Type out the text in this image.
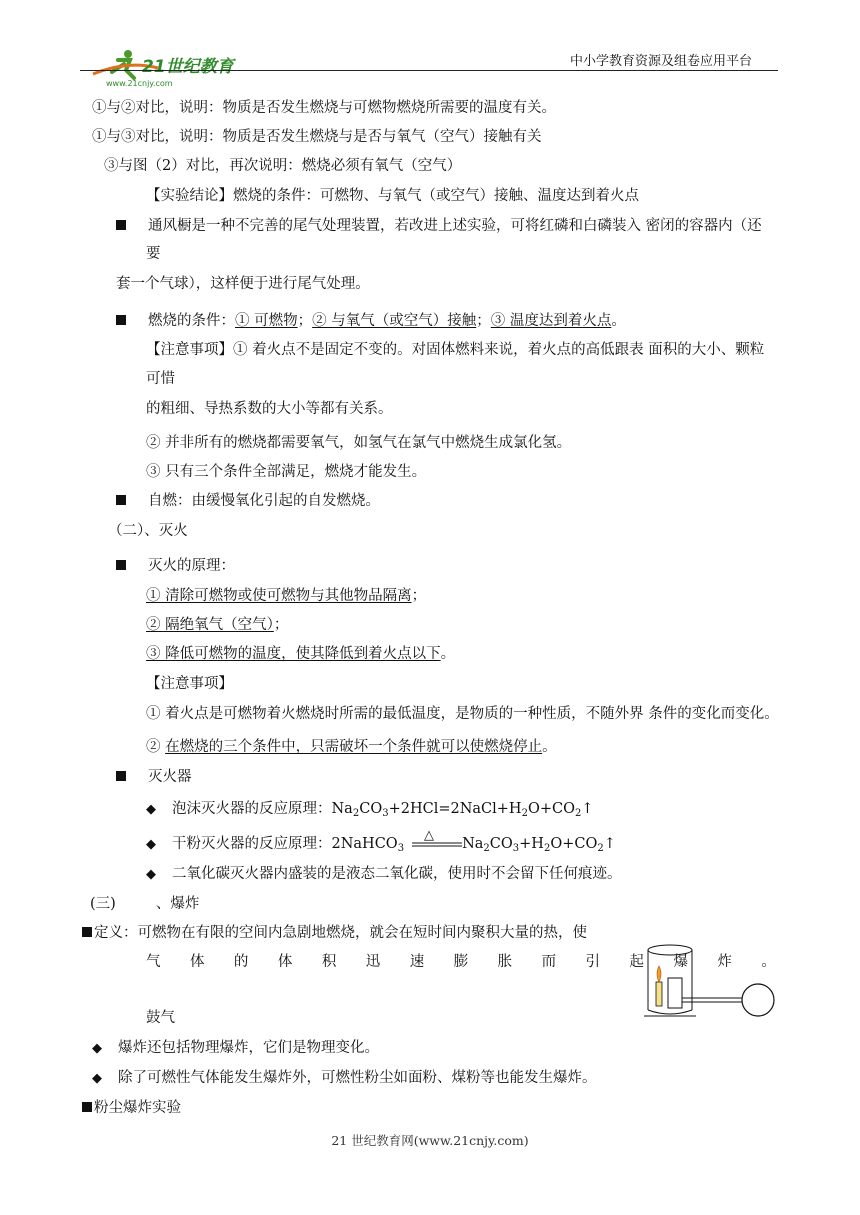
21世纪教育
www.21cnjy.com
中小学教育资源及组卷应用平台
①与②对比，说明：物质是否发生燃烧与可燃物燃烧所需要的温度有关。
①与③对比，说明：物质是否发生燃烧与是否与氧气（空气）接触有关
③与图（2）对比，再次说明：燃烧必须有氧气（空气）
【实验结论】燃烧的条件：可燃物、与氧气（或空气）接触、温度达到着火点
通风橱是一种不完善的尾气处理装置，若改进上述实验，可将红磷和白磷装入 密闭的容器内（还
要
套一个气球），这样便于进行尾气处理。
燃烧的条件：① 可燃物；② 与氧气（或空气）接触；③ 温度达到着火点。
【注意事项】① 着火点不是固定不变的。对固体燃料来说，着火点的高低跟表 面积的大小、颗粒
可惜
的粗细、导热系数的大小等都有关系。
② 并非所有的燃烧都需要氧气，如氢气在氯气中燃烧生成氯化氢。
③ 只有三个条件全部满足，燃烧才能发生。
自燃：由缓慢氧化引起的自发燃烧。
（二）、灭火
灭火的原理：
① 清除可燃物或使可燃物与其他物品隔离；
② 隔绝氧气（空气）；
③ 降低可燃物的温度，使其降低到着火点以下。
【注意事项】
① 着火点是可燃物着火燃烧时所需的最低温度，是物质的一种性质，不随外界 条件的变化而变化。
② 在燃烧的三个条件中，只需破坏一个条件就可以使燃烧停止。
灭火器
◆ 泡沫灭火器的反应原理：$Na_2CO_3+2HCl=2NaCl+H_2O+CO_2↑$
◆ 干粉灭火器的反应原理：2NaHCO$_3$	$Na_2CO_3+H_2O+CO_2↑$
△
◆ 二氧化碳灭火器内盛装的是液态二氧化碳，使用时不会留下任何痕迹。
(三)	、爆炸
定义：可燃物在有限的空间内急剧地燃烧，就会在短时间内聚积大量的热，使
气 体 的 体 积 迅 速 膨 胀 而 引 起 爆 炸 。
鼓气
◆ 爆炸还包括物理爆炸，它们是物理变化。
◆ 除了可燃性气体能发生爆炸外，可燃性粉尘如面粉、煤粉等也能发生爆炸。
粉尘爆炸实验
21 世纪教育网(www.21cnjy.com)
